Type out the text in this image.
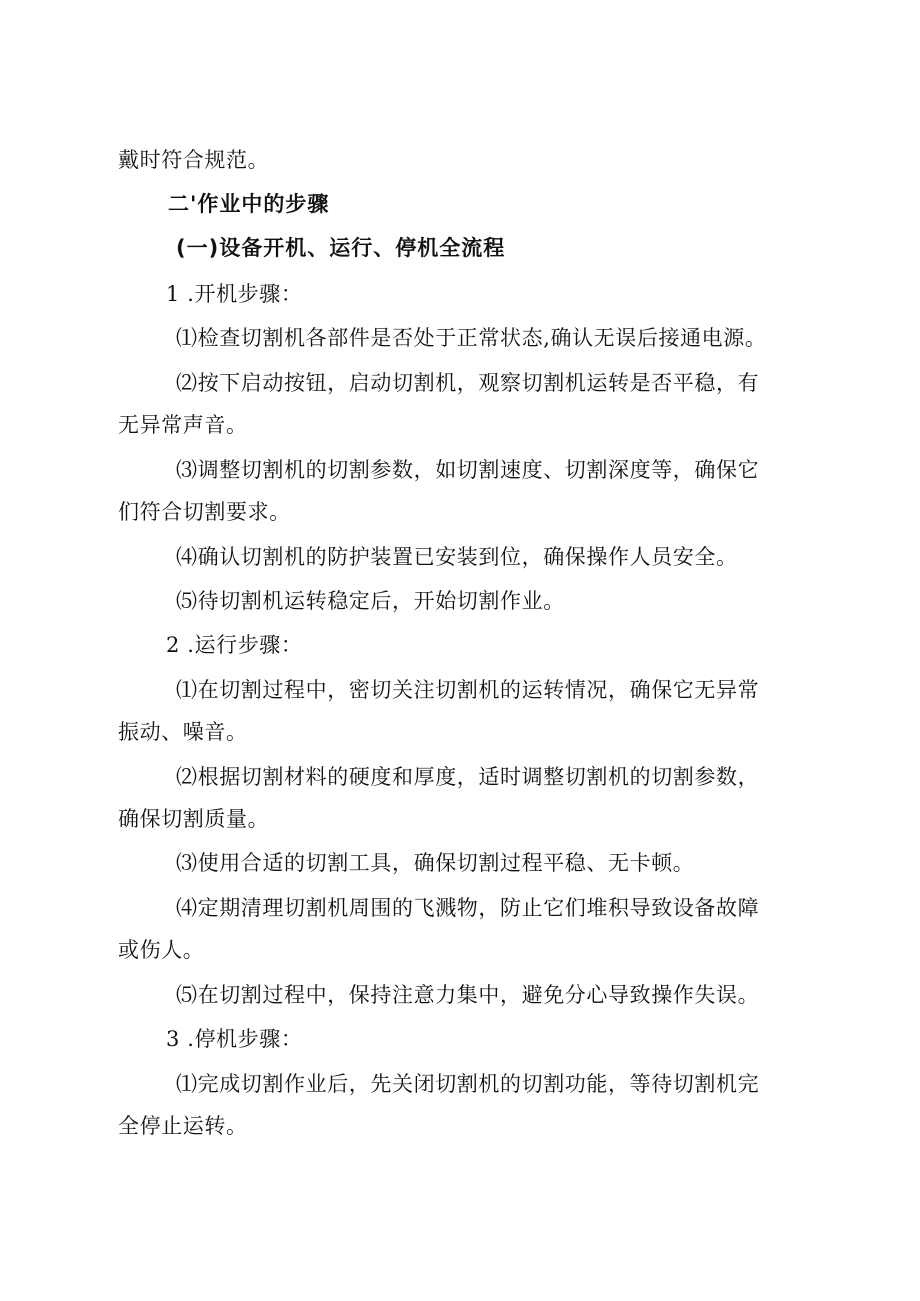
戴时符合规范。
二'作业中的步骤
(一)设备开机、运行、停机全流程
1 .开机步骤：
⑴检查切割机各部件是否处于正常状态,确认无误后接通电源。
⑵按下启动按钮，启动切割机，观察切割机运转是否平稳，有
无异常声音。
⑶调整切割机的切割参数，如切割速度、切割深度等，确保它
们符合切割要求。
⑷确认切割机的防护装置已安装到位，确保操作人员安全。
⑸待切割机运转稳定后，开始切割作业。
2 .运行步骤：
⑴在切割过程中，密切关注切割机的运转情况，确保它无异常
振动、噪音。
⑵根据切割材料的硬度和厚度，适时调整切割机的切割参数，
确保切割质量。
⑶使用合适的切割工具，确保切割过程平稳、无卡顿。
⑷定期清理切割机周围的飞溅物，防止它们堆积导致设备故障
或伤人。
⑸在切割过程中，保持注意力集中，避免分心导致操作失误。
3 .停机步骤：
⑴完成切割作业后，先关闭切割机的切割功能，等待切割机完
全停止运转。
